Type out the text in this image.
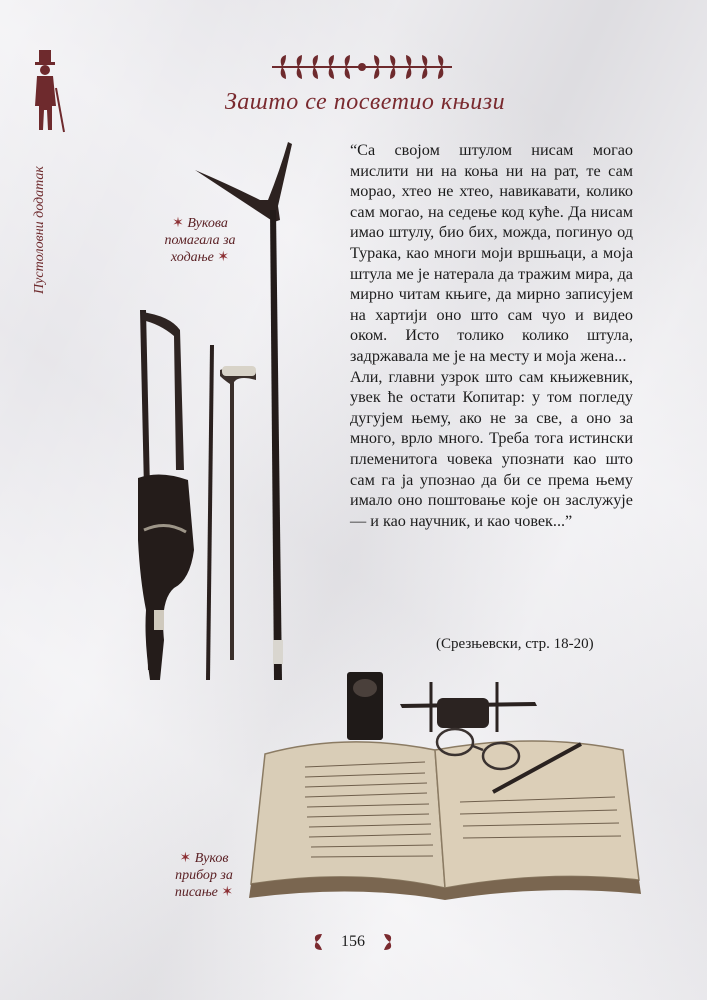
Пустоловни додатак
Зашто се посветио књизи
✶ Вукова помагала за ходање ✶

“Са својом штулом нисам могао мислити ни на коња ни на рат, те сам морао, хтео не хтео, навикавати, колико сам могао, на седење код куће. Да нисам имао штулу, био бих, можда, погинуо од Турака, као многи моји вршњаци, а моја штула ме је натерала да тражим мира, да мирно читам књиге, да мирно записујем на хартији оно што сам чуо и видео оком. Исто толико колико штула, задржавала ме је на месту и моја жена...

Али, главни узрок што сам књижевник, увек ће остати Копитар: у том погледу дугујем њему, ако не за све, а оно за много, врло много. Треба тога истински племенитога човека упознати као што сам га ја упознао да би се према њему имало оно поштовање које он заслужује — и као научник, и као човек...”

(Срезњевски, стр. 18-20)
✶ Вуков прибор за писање ✶
156
